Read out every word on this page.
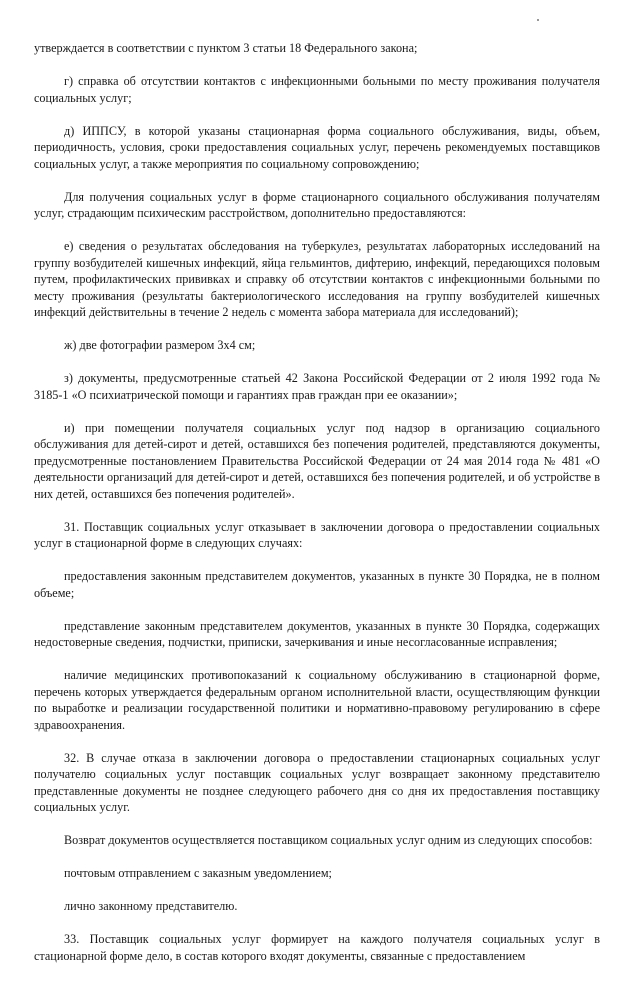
утверждается в соответствии с пунктом 3 статьи 18 Федерального закона;

г) справка об отсутствии контактов с инфекционными больными по месту проживания получателя социальных услуг;

д) ИППСУ, в которой указаны стационарная форма социального обслуживания, виды, объем, периодичность, условия, сроки предоставления социальных услуг, перечень рекомендуемых поставщиков социальных услуг, а также мероприятия по социальному сопровождению;

Для получения социальных услуг в форме стационарного социального обслуживания получателям услуг, страдающим психическим расстройством, дополнительно предоставляются:

е) сведения о результатах обследования на туберкулез, результатах лабораторных исследований на группу возбудителей кишечных инфекций, яйца гельминтов, дифтерию, инфекций, передающихся половым путем, профилактических прививках и справку об отсутствии контактов с инфекционными больными по месту проживания (результаты бактериологического исследования на группу возбудителей кишечных инфекций действительны в течение 2 недель с момента забора материала для исследований);

ж) две фотографии размером 3х4 см;

з) документы, предусмотренные статьей 42 Закона Российской Федерации от 2 июля 1992 года № 3185-1 «О психиатрической помощи и гарантиях прав граждан при ее оказании»;

и) при помещении получателя социальных услуг под надзор в организацию социального обслуживания для детей-сирот и детей, оставшихся без попечения родителей, представляются документы, предусмотренные постановлением Правительства Российской Федерации от 24 мая 2014 года № 481 «О деятельности организаций для детей-сирот и детей, оставшихся без попечения родителей, и об устройстве в них детей, оставшихся без попечения родителей».

31. Поставщик социальных услуг отказывает в заключении договора о предоставлении социальных услуг в стационарной форме в следующих случаях:

предоставления законным представителем документов, указанных в пункте 30 Порядка, не в полном объеме;

представление законным представителем документов, указанных в пункте 30 Порядка, содержащих недостоверные сведения, подчистки, приписки, зачеркивания и иные несогласованные исправления;

наличие медицинских противопоказаний к социальному обслуживанию в стационарной форме, перечень которых утверждается федеральным органом исполнительной власти, осуществляющим функции по выработке и реализации государственной политики и нормативно-правовому регулированию в сфере здравоохранения.

32. В случае отказа в заключении договора о предоставлении стационарных социальных услуг получателю социальных услуг поставщик социальных услуг возвращает законному представителю представленные документы не позднее следующего рабочего дня со дня их предоставления поставщику социальных услуг.

Возврат документов осуществляется поставщиком социальных услуг одним из следующих способов:

почтовым отправлением с заказным уведомлением;

лично законному представителю.

33. Поставщик социальных услуг формирует на каждого получателя социальных услуг в стационарной форме дело, в состав которого входят документы, связанные с предоставлением
